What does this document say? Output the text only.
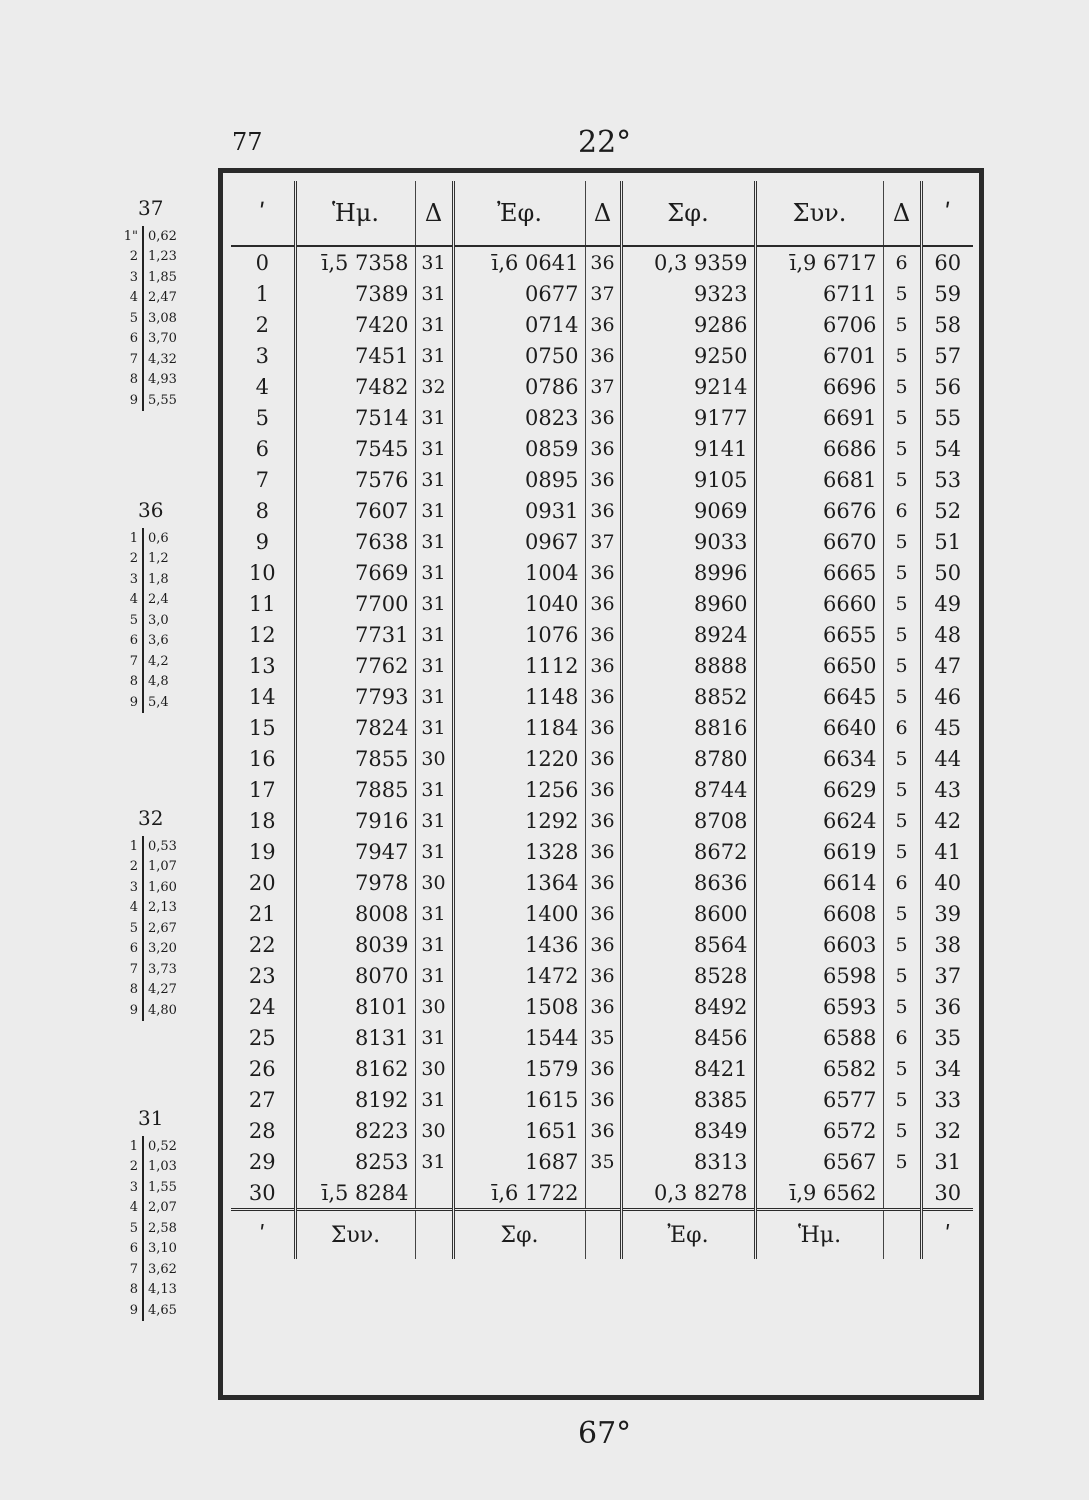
77	22°
37
1"	0,62
2	1,23
3	1,85
4	2,47
5	3,08
6	3,70
7	4,32
8	4,93
9	5,55
36
1	0,6
2	1,2
3	1,8
4	2,4
5	3,0
6	3,6
7	4,2
8	4,8
9	5,4
32
1	0,53
2	1,07
3	1,60
4	2,13
5	2,67
6	3,20
7	3,73
8	4,27
9	4,80
31
1	0,52
2	1,03
3	1,55
4	2,07
5	2,58
6	3,10
7	3,62
8	4,13
9	4,65
ʹ	Ἡμ.	Δ	Ἐφ.	Δ	Σφ.	Συν.	Δ	ʹ
0	ī,5 7358	31	ī,6 0641	36	0,3 9359	ī,9 6717	6	60
1	7389	31	0677	37	9323	6711	5	59
2	7420	31	0714	36	9286	6706	5	58
3	7451	31	0750	36	9250	6701	5	57
4	7482	32	0786	37	9214	6696	5	56
5	7514	31	0823	36	9177	6691	5	55
6	7545	31	0859	36	9141	6686	5	54
7	7576	31	0895	36	9105	6681	5	53
8	7607	31	0931	36	9069	6676	6	52
9	7638	31	0967	37	9033	6670	5	51
10	7669	31	1004	36	8996	6665	5	50
11	7700	31	1040	36	8960	6660	5	49
12	7731	31	1076	36	8924	6655	5	48
13	7762	31	1112	36	8888	6650	5	47
14	7793	31	1148	36	8852	6645	5	46
15	7824	31	1184	36	8816	6640	6	45
16	7855	30	1220	36	8780	6634	5	44
17	7885	31	1256	36	8744	6629	5	43
18	7916	31	1292	36	8708	6624	5	42
19	7947	31	1328	36	8672	6619	5	41
20	7978	30	1364	36	8636	6614	6	40
21	8008	31	1400	36	8600	6608	5	39
22	8039	31	1436	36	8564	6603	5	38
23	8070	31	1472	36	8528	6598	5	37
24	8101	30	1508	36	8492	6593	5	36
25	8131	31	1544	35	8456	6588	6	35
26	8162	30	1579	36	8421	6582	5	34
27	8192	31	1615	36	8385	6577	5	33
28	8223	30	1651	36	8349	6572	5	32
29	8253	31	1687	35	8313	6567	5	31
30	ī,5 8284		ī,6 1722		0,3 8278	ī,9 6562		30
ʹ	Συν.		Σφ.		Ἐφ.	Ἡμ.		ʹ
67°
